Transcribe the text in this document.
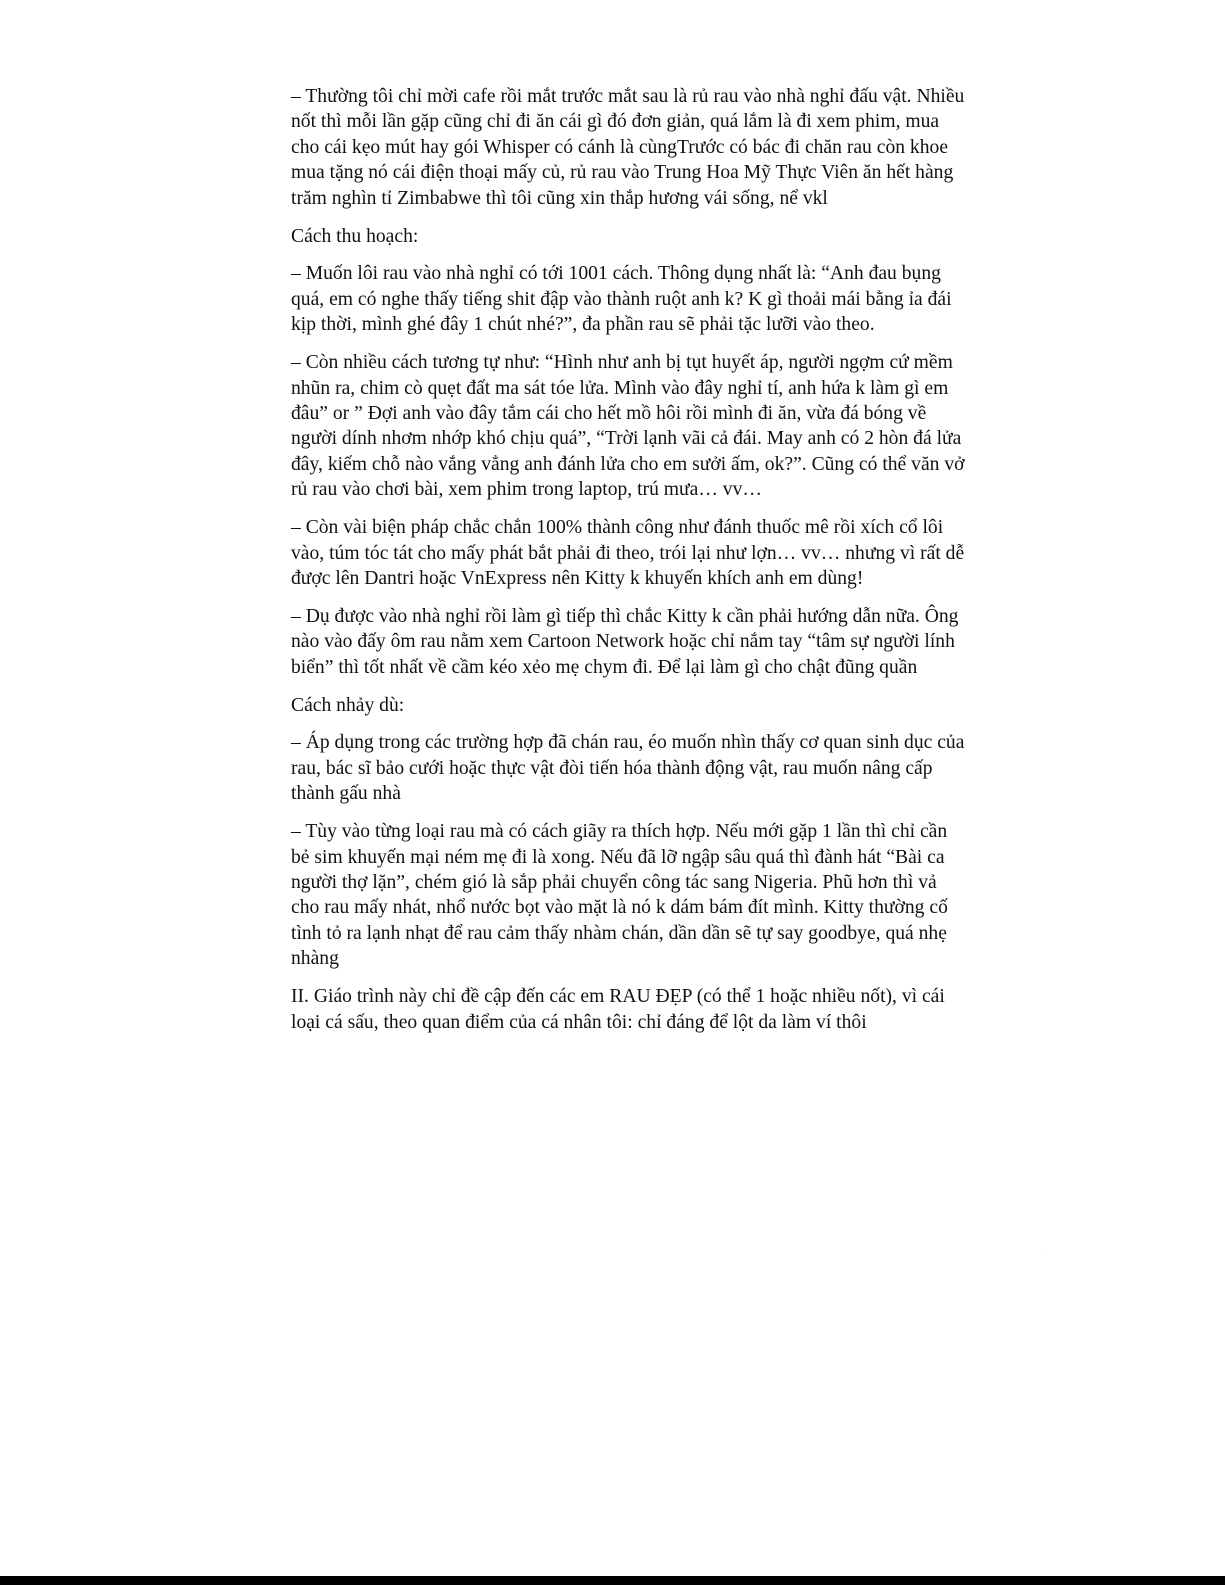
– Thường tôi chỉ mời cafe rồi mắt trước mắt sau là rủ rau vào nhà nghỉ đấu vật. Nhiều nốt thì mỗi lần gặp cũng chỉ đi ăn cái gì đó đơn giản, quá lắm là đi xem phim, mua cho cái kẹo mút hay gói Whisper có cánh là cùngTrước có bác đi chăn rau còn khoe mua tặng nó cái điện thoại mấy củ, rủ rau vào Trung Hoa Mỹ Thực Viên ăn hết hàng trăm nghìn tỉ Zimbabwe thì tôi cũng xin thắp hương vái sống, nể vkl

Cách thu hoạch:

– Muốn lôi rau vào nhà nghỉ có tới 1001 cách. Thông dụng nhất là: “Anh đau bụng quá, em có nghe thấy tiếng shit đập vào thành ruột anh k? K gì thoải mái bằng ỉa đái kịp thời, mình ghé đây 1 chút nhé?”, đa phần rau sẽ phải tặc lưỡi vào theo.

– Còn nhiều cách tương tự như: “Hình như anh bị tụt huyết áp, người ngợm cứ mềm nhũn ra, chim cò quẹt đất ma sát tóe lửa. Mình vào đây nghỉ tí, anh hứa k làm gì em đâu” or ” Đợi anh vào đây tắm cái cho hết mồ hôi rồi mình đi ăn, vừa đá bóng về người dính nhơm nhớp khó chịu quá”, “Trời lạnh vãi cả đái. May anh có 2 hòn đá lửa đây, kiếm chỗ nào vắng vẳng anh đánh lửa cho em sưởi ấm, ok?”. Cũng có thể văn vở rủ rau vào chơi bài, xem phim trong laptop, trú mưa… vv…

– Còn vài biện pháp chắc chắn 100% thành công như đánh thuốc mê rồi xích cổ lôi vào, túm tóc tát cho mấy phát bắt phải đi theo, trói lại như lợn… vv… nhưng vì rất dễ được lên Dantri hoặc VnExpress nên Kitty k khuyến khích anh em dùng!

– Dụ được vào nhà nghỉ rồi làm gì tiếp thì chắc Kitty k cần phải hướng dẫn nữa. Ông nào vào đấy ôm rau nằm xem Cartoon Network hoặc chỉ nắm tay “tâm sự người lính biển” thì tốt nhất về cầm kéo xẻo mẹ chym đi. Để lại làm gì cho chật đũng quần

Cách nhảy dù:

– Áp dụng trong các trường hợp đã chán rau, éo muốn nhìn thấy cơ quan sinh dục của rau, bác sĩ bảo cưới hoặc thực vật đòi tiến hóa thành động vật, rau muốn nâng cấp thành gấu nhà

– Tùy vào từng loại rau mà có cách giãy ra thích hợp. Nếu mới gặp 1 lần thì chỉ cần bẻ sim khuyến mại ném mẹ đi là xong. Nếu đã lỡ ngập sâu quá thì đành hát “Bài ca người thợ lặn”, chém gió là sắp phải chuyển công tác sang Nigeria. Phũ hơn thì vả cho rau mấy nhát, nhổ nước bọt vào mặt là nó k dám bám đít mình. Kitty thường cố tình tỏ ra lạnh nhạt để rau cảm thấy nhàm chán, dần dần sẽ tự say goodbye, quá nhẹ nhàng

II. Giáo trình này chỉ đề cập đến các em RAU ĐẸP (có thể 1 hoặc nhiều nốt), vì cái loại cá sấu, theo quan điểm của cá nhân tôi: chỉ đáng để lột da làm ví thôi
